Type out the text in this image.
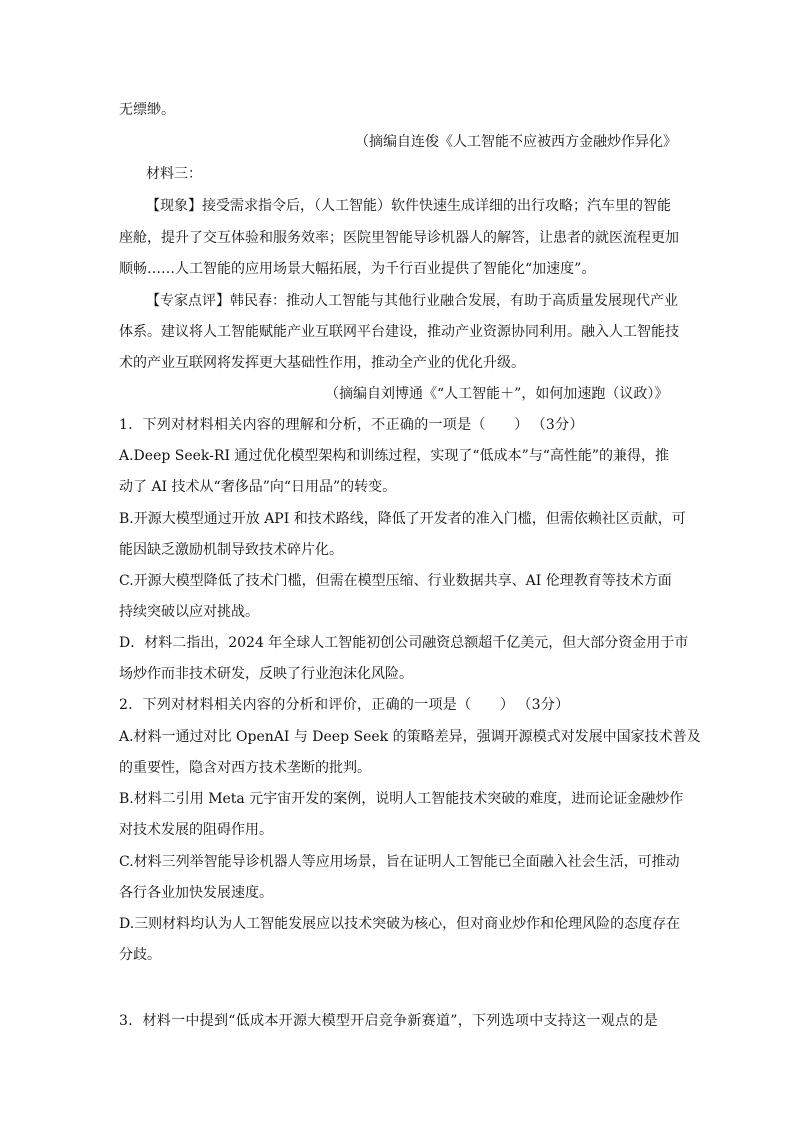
无缥缈。
（摘编自连俊《人工智能不应被西方金融炒作异化》
材料三：
【现象】接受需求指令后，（人工智能）软件快速生成详细的出行攻略；汽车里的智能
座舱，提升了交互体验和服务效率；医院里智能导诊机器人的解答，让患者的就医流程更加
顺畅……人工智能的应用场景大幅拓展，为千行百业提供了智能化“加速度”。
【专家点评】韩民春：推动人工智能与其他行业融合发展，有助于高质量发展现代产业
体系。建议将人工智能赋能产业互联网平台建设，推动产业资源协同利用。融入人工智能技
术的产业互联网将发挥更大基础性作用，推动全产业的优化升级。
（摘编自刘博通《“人工智能＋”，如何加速跑（议政）》
1．下列对材料相关内容的理解和分析，不正确的一项是（　　） （3分）
A.Deep Seek-RI 通过优化模型架构和训练过程，实现了“低成本”与“高性能”的兼得，推
动了 AI 技术从“奢侈品”向“日用品”的转变。
B.开源大模型通过开放 API 和技术路线，降低了开发者的准入门槛，但需依赖社区贡献，可
能因缺乏激励机制导致技术碎片化。
C.开源大模型降低了技术门槛，但需在模型压缩、行业数据共享、AI 伦理教育等技术方面
持续突破以应对挑战。
D．材料二指出，2024 年全球人工智能初创公司融资总额超千亿美元，但大部分资金用于市
场炒作而非技术研发，反映了行业泡沫化风险。
2．下列对材料相关内容的分析和评价，正确的一项是（　　） （3分）
A.材料一通过对比 OpenAI 与 Deep Seek 的策略差异，强调开源模式对发展中国家技术普及
的重要性，隐含对西方技术垄断的批判。
B.材料二引用 Meta 元宇宙开发的案例，说明人工智能技术突破的难度，进而论证金融炒作
对技术发展的阻碍作用。
C.材料三列举智能导诊机器人等应用场景，旨在证明人工智能已全面融入社会生活，可推动
各行各业加快发展速度。
D.三则材料均认为人工智能发展应以技术突破为核心，但对商业炒作和伦理风险的态度存在
分歧。
3．材料一中提到“低成本开源大模型开启竞争新赛道”，下列选项中支持这一观点的是
